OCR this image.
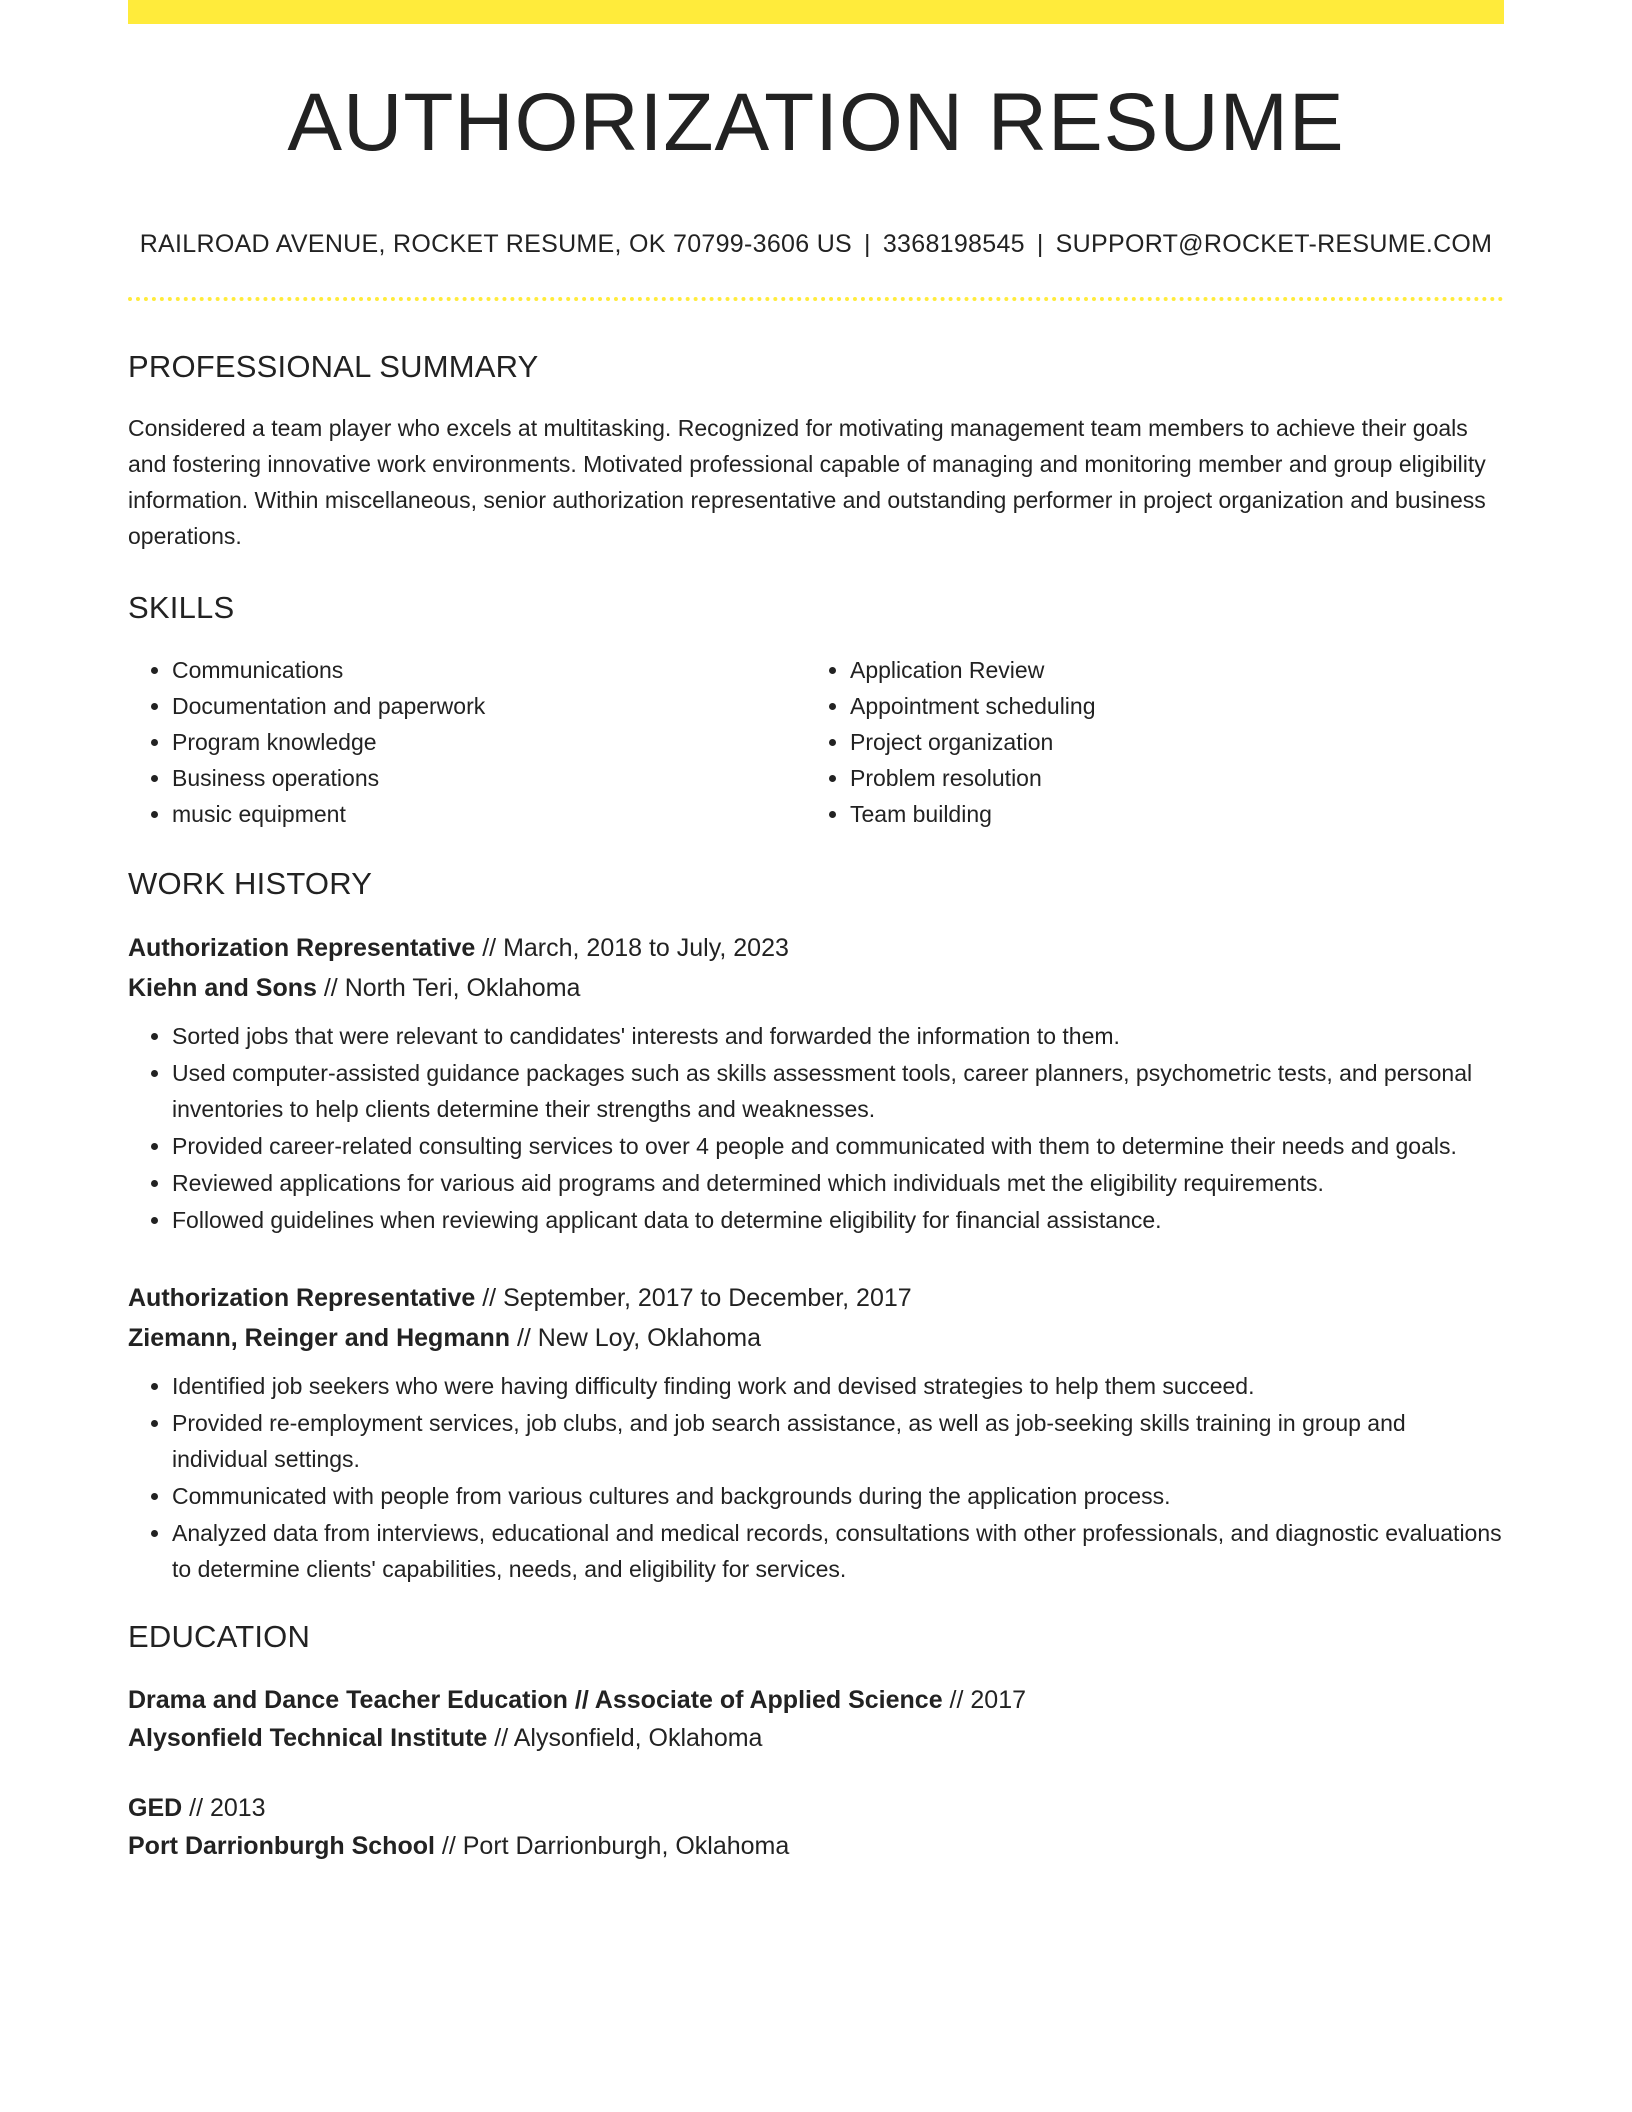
AUTHORIZATION RESUME
RAILROAD AVENUE, ROCKET RESUME, OK 70799-3606 US | 3368198545 | SUPPORT@ROCKET-RESUME.COM
PROFESSIONAL SUMMARY
Considered a team player who excels at multitasking. Recognized for motivating management team members to achieve their goals and fostering innovative work environments. Motivated professional capable of managing and monitoring member and group eligibility information. Within miscellaneous, senior authorization representative and outstanding performer in project organization and business operations.
SKILLS
• Communications
• Documentation and paperwork
• Program knowledge
• Business operations
• music equipment
• Application Review
• Appointment scheduling
• Project organization
• Problem resolution
• Team building
WORK HISTORY
Authorization Representative // March, 2018 to July, 2023
Kiehn and Sons // North Teri, Oklahoma
• Sorted jobs that were relevant to candidates' interests and forwarded the information to them.
• Used computer-assisted guidance packages such as skills assessment tools, career planners, psychometric tests, and personal inventories to help clients determine their strengths and weaknesses.
• Provided career-related consulting services to over 4 people and communicated with them to determine their needs and goals.
• Reviewed applications for various aid programs and determined which individuals met the eligibility requirements.
• Followed guidelines when reviewing applicant data to determine eligibility for financial assistance.
Authorization Representative // September, 2017 to December, 2017
Ziemann, Reinger and Hegmann // New Loy, Oklahoma
• Identified job seekers who were having difficulty finding work and devised strategies to help them succeed.
• Provided re-employment services, job clubs, and job search assistance, as well as job-seeking skills training in group and individual settings.
• Communicated with people from various cultures and backgrounds during the application process.
• Analyzed data from interviews, educational and medical records, consultations with other professionals, and diagnostic evaluations to determine clients' capabilities, needs, and eligibility for services.
EDUCATION
Drama and Dance Teacher Education // Associate of Applied Science // 2017
Alysonfield Technical Institute // Alysonfield, Oklahoma
GED // 2013
Port Darrionburgh School // Port Darrionburgh, Oklahoma
